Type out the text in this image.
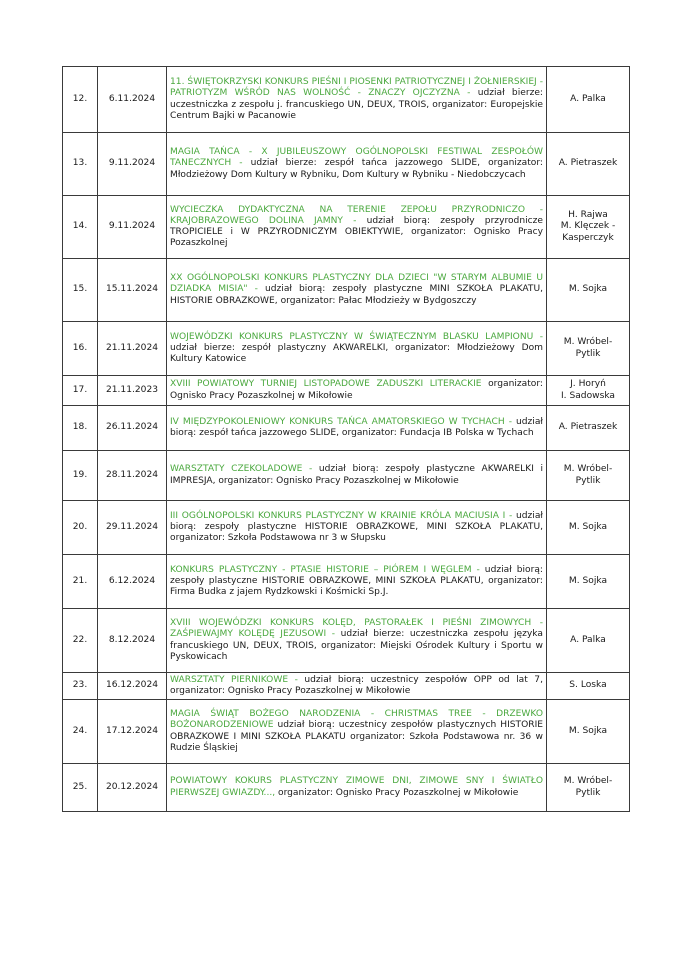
12.	6.11.2024	11. ŚWIĘTOKRZYSKI KONKURS PIEŚNI I PIOSENKI PATRIOTYCZNEJ I ŻOŁNIERSKIEJ - PATRIOTYZM WŚRÓD NAS WOLNOŚĆ - ZNACZY OJCZYZNA - udział bierze: uczestniczka z zespołu j. francuskiego UN, DEUX, TROIS, organizator: Europejskie Centrum Bajki w Pacanowie	A. Palka

13.	9.11.2024	MAGIA TAŃCA - X JUBILEUSZOWY OGÓLNOPOLSKI FESTIWAL ZESPOŁÓW TANECZNYCH - udział bierze: zespół tańca jazzowego SLIDE, organizator: Młodzieżowy Dom Kultury w Rybniku, Dom Kultury w Rybniku - Niedobczycach	A. Pietraszek

14.	9.11.2024	WYCIECZKA DYDAKTYCZNA NA TERENIE ZEPOŁU PRZYRODNICZO - KRAJOBRAZOWEGO DOLINA JAMNY - udział biorą: zespoły przyrodnicze TROPICIELE i W PRZYRODNICZYM OBIEKTYWIE, organizator: Ognisko Pracy Pozaszkolnej	H. Rajwa
M. Klęczek -
Kasperczyk

15.	15.11.2024	XX OGÓLNOPOLSKI KONKURS PLASTYCZNY DLA DZIECI "W STARYM ALBUMIE U DZIADKA MISIA" - udział biorą: zespoły plastyczne MINI SZKOŁA PLAKATU, HISTORIE OBRAZKOWE, organizator: Pałac Młodzieży w Bydgoszczy	M. Sojka

16.	21.11.2024	WOJEWÓDZKI KONKURS PLASTYCZNY W ŚWIĄTECZNYM BLASKU LAMPIONU - udział bierze: zespół plastyczny AKWARELKI, organizator: Młodzieżowy Dom Kultury Katowice	M. Wróbel-
Pytlik

17.	21.11.2023	XVIII POWIATOWY TURNIEJ LISTOPADOWE ZADUSZKI LITERACKIE organizator: Ognisko Pracy Pozaszkolnej w Mikołowie	J. Horyń
I. Sadowska

18.	26.11.2024	IV MIĘDZYPOKOLENIOWY KONKURS TAŃCA AMATORSKIEGO W TYCHACH - udział biorą: zespół tańca jazzowego SLIDE, organizator: Fundacja IB Polska w Tychach	A. Pietraszek

19.	28.11.2024	WARSZTATY CZEKOLADOWE - udział biorą: zespoły plastyczne AKWARELKI i IMPRESJA, organizator: Ognisko Pracy Pozaszkolnej w Mikołowie	M. Wróbel-
Pytlik

20.	29.11.2024	III OGÓLNOPOLSKI KONKURS PLASTYCZNY W KRAINIE KRÓLA MACIUSIA I - udział biorą: zespoły plastyczne HISTORIE OBRAZKOWE, MINI SZKOŁA PLAKATU, organizator: Szkoła Podstawowa nr 3 w Słupsku	M. Sojka

21.	6.12.2024	KONKURS PLASTYCZNY - PTASIE HISTORIE – PIÓREM I WĘGLEM - udział biorą: zespoły plastyczne HISTORIE OBRAZKOWE, MINI SZKOŁA PLAKATU, organizator: Firma Budka z jajem Rydzkowski i Kośmicki Sp.J.	M. Sojka

22.	8.12.2024	XVIII WOJEWÓDZKI KONKURS KOLĘD, PASTORAŁEK I PIEŚNI ZIMOWYCH - ZAŚPIEWAJMY KOLĘDĘ JEZUSOWI - udział bierze: uczestniczka zespołu języka francuskiego UN, DEUX, TROIS, organizator: Miejski Ośrodek Kultury i Sportu w Pyskowicach	A. Palka

23.	16.12.2024	WARSZTATY PIERNIKOWE - udział biorą: uczestnicy zespołów OPP od lat 7, organizator: Ognisko Pracy Pozaszkolnej w Mikołowie	S. Loska

24.	17.12.2024	MAGIA ŚWIĄT BOŻEGO NARODZENIA - CHRISTMAS TREE - DRZEWKO BOŻONARODZENIOWE udział biorą: uczestnicy zespołów plastycznych HISTORIE OBRAZKOWE I MINI SZKOŁA PLAKATU organizator: Szkoła Podstawowa nr. 36 w Rudzie Śląskiej	M. Sojka

25.	20.12.2024	POWIATOWY KOKURS PLASTYCZNY ZIMOWE DNI, ZIMOWE SNY I ŚWIATŁO PIERWSZEJ GWIAZDY..., organizator: Ognisko Pracy Pozaszkolnej w Mikołowie	M. Wróbel-
Pytlik
